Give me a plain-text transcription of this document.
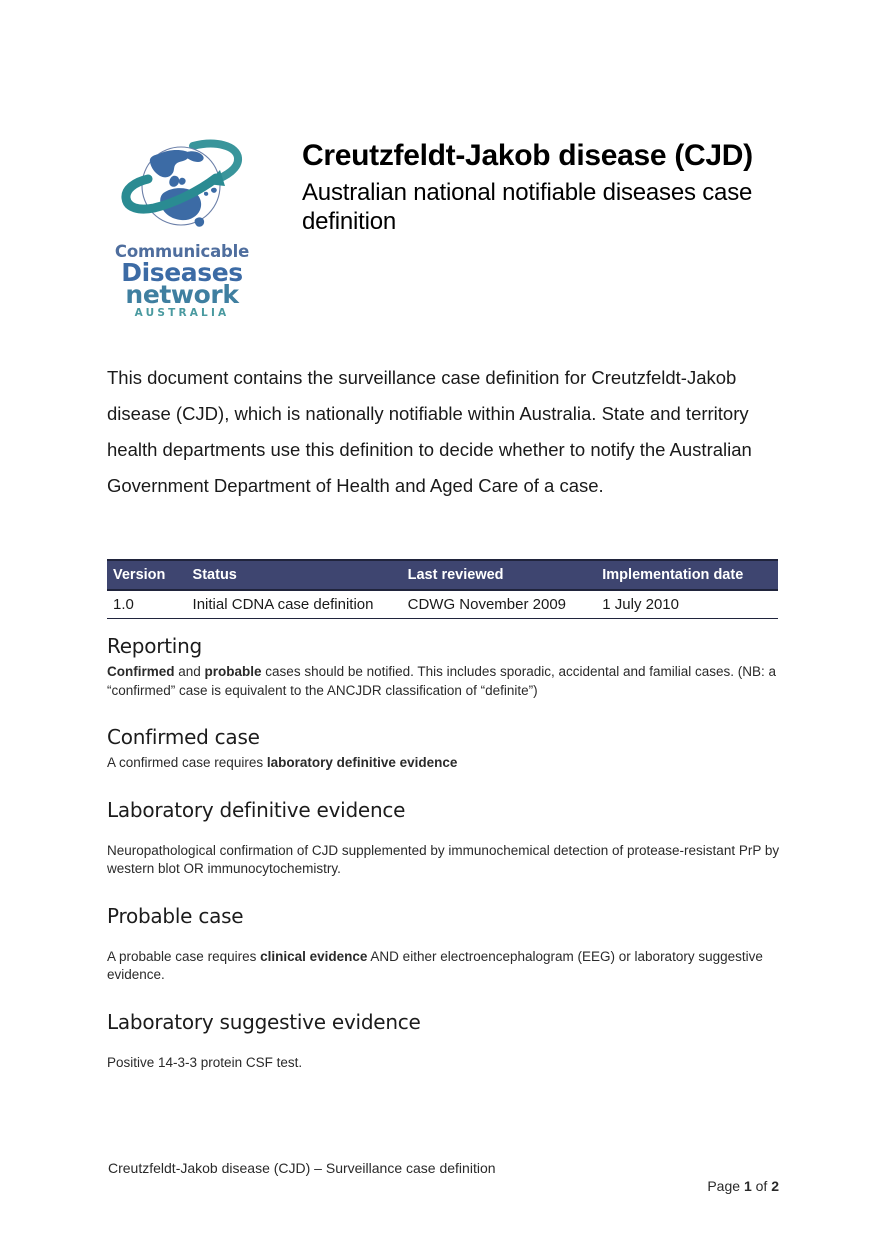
Communicable
Diseases
network
AUSTRALIA
Creutzfeldt-Jakob disease (CJD)
Australian national notifiable diseases case definition
This document contains the surveillance case definition for Creutzfeldt-Jakob disease (CJD), which is nationally notifiable within Australia. State and territory health departments use this definition to decide whether to notify the Australian Government Department of Health and Aged Care of a case.
Version	Status	Last reviewed	Implementation date
1.0	Initial CDNA case definition	CDWG November 2009	1 July 2010
Reporting

Confirmed and probable cases should be notified. This includes sporadic, accidental and familial cases. (NB: a “confirmed” case is equivalent to the ANCJDR classification of “definite”)

Confirmed case

A confirmed case requires laboratory definitive evidence

Laboratory definitive evidence

Neuropathological confirmation of CJD supplemented by immunochemical detection of protease-resistant PrP by western blot OR immunocytochemistry.

Probable case

A probable case requires clinical evidence AND either electroencephalogram (EEG) or laboratory suggestive evidence.

Laboratory suggestive evidence

Positive 14-3-3 protein CSF test.

Creutzfeldt-Jakob disease (CJD) – Surveillance case definition
Page 1 of 2
